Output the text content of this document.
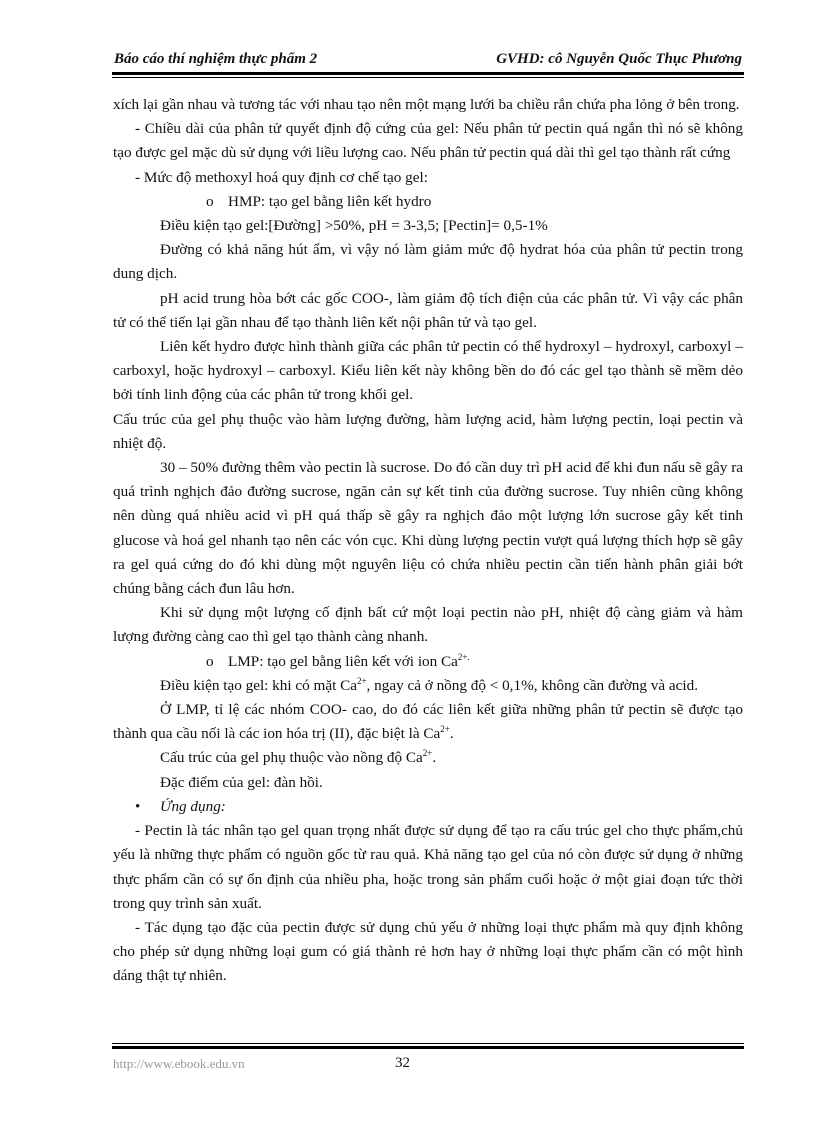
Báo cáo thí nghiệm thực phẩm 2	GVHD: cô Nguyễn Quốc Thục Phương

xích lại gần nhau và tương tác với nhau tạo nên một mạng lưới ba chiều rắn chứa pha lỏng ở bên trong.

- Chiều dài của phân tử quyết định độ cứng của gel: Nếu phân tử pectin quá ngắn thì nó sẽ không tạo được gel mặc dù sử dụng với liều lượng cao. Nếu phân tử pectin quá dài thì gel tạo thành rất cứng

- Mức độ methoxyl hoá quy định cơ chế tạo gel:

o HMP: tạo gel bằng liên kết hydro

Điều kiện tạo gel:[Đường] >50%, pH = 3-3,5; [Pectin]= 0,5-1%

Đường có khả năng hút ẩm, vì vậy nó làm giảm mức độ hydrat hóa của phân tử pectin trong dung dịch.

pH acid trung hòa bớt các gốc COO-, làm giảm độ tích điện của các phân tử. Vì vậy các phân tử có thể tiến lại gần nhau để tạo thành liên kết nội phân tử và tạo gel.

Liên kết hydro được hình thành giữa các phân tử pectin có thể hydroxyl – hydroxyl, carboxyl – carboxyl, hoặc hydroxyl – carboxyl. Kiểu liên kết này không bền do đó các gel tạo thành sẽ mềm dẻo bởi tính linh động của các phân tử trong khối gel.

Cấu trúc của gel phụ thuộc vào hàm lượng đường, hàm lượng acid, hàm lượng pectin, loại pectin và nhiệt độ.

30 – 50% đường thêm vào pectin là sucrose. Do đó cần duy trì pH acid để khi đun nấu sẽ gây ra quá trình nghịch đảo đường sucrose, ngăn cản sự kết tinh của đường sucrose. Tuy nhiên cũng không nên dùng quá nhiều acid vì pH quá thấp sẽ gây ra nghịch đảo một lượng lớn sucrose gây kết tinh glucose và hoá gel nhanh tạo nên các vón cục. Khi dùng lượng pectin vượt quá lượng thích hợp sẽ gây ra gel quá cứng do đó khi dùng một nguyên liệu có chứa nhiều pectin cần tiến hành phân giải bớt chúng bằng cách đun lâu hơn.

Khi sử dụng một lượng cố định bất cứ một loại pectin nào pH, nhiệt độ càng giảm và hàm lượng đường càng cao thì gel tạo thành càng nhanh.

o LMP: tạo gel bằng liên kết với ion $Ca^{2+.}$

Điều kiện tạo gel: khi có mặt $Ca^{2+}$, ngay cả ở nồng độ < 0,1%, không cần đường và acid.

Ở LMP, tỉ lệ các nhóm COO- cao, do đó các liên kết giữa những phân tử pectin sẽ được tạo thành qua cầu nối là các ion hóa trị (II), đặc biệt là $Ca^{2+}$.

Cấu trúc của gel phụ thuộc vào nồng độ $Ca^{2+}$.

Đặc điểm của gel: đàn hồi.

• Ứng dụng:

- Pectin là tác nhân tạo gel quan trọng nhất được sử dụng để tạo ra cấu trúc gel cho thực phẩm,chủ yếu là những thực phẩm có nguồn gốc từ rau quả. Khả năng tạo gel của nó còn được sử dụng ở những thực phẩm cần có sự ổn định của nhiều pha, hoặc trong sản phẩm cuối hoặc ở một giai đoạn tức thời trong quy trình sản xuất.

- Tác dụng tạo đặc của pectin được sử dụng chủ yếu ở những loại thực phẩm mà quy định không cho phép sử dụng những loại gum có giá thành rẻ hơn hay ở những loại thực phẩm cần có một hình dáng thật tự nhiên.

http://www.ebook.edu.vn	32
